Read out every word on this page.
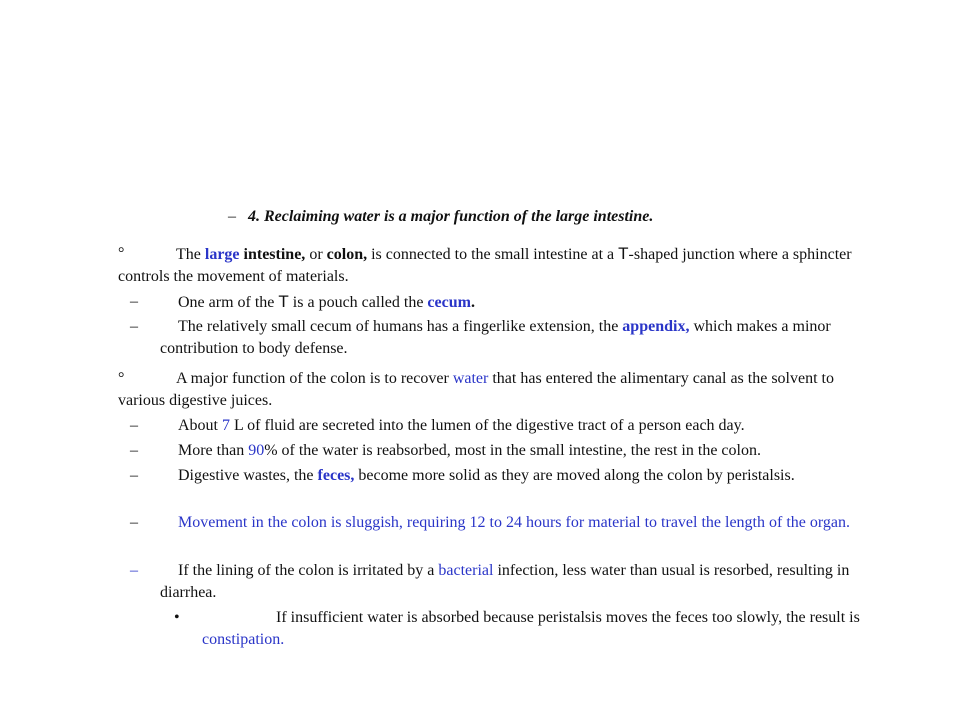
– 4. Reclaiming water is a major function of the large intestine.
°	The large intestine, or colon, is connected to the small intestine at a T-shaped junction where a sphincter controls the movement of materials.
–	One arm of the T is a pouch called the cecum.
–	The relatively small cecum of humans has a fingerlike extension, the appendix, which makes a minor contribution to body defense.
°	A major function of the colon is to recover water that has entered the alimentary canal as the solvent to various digestive juices.
–	About 7 L of fluid are secreted into the lumen of the digestive tract of a person each day.
–	More than 90% of the water is reabsorbed, most in the small intestine, the rest in the colon.
–	Digestive wastes, the feces, become more solid as they are moved along the colon by peristalsis.
–	Movement in the colon is sluggish, requiring 12 to 24 hours for material to travel the length of the organ.
–	If the lining of the colon is irritated by a bacterial infection, less water than usual is resorbed, resulting in diarrhea.
•	If insufficient water is absorbed because peristalsis moves the feces too slowly, the result is constipation.
